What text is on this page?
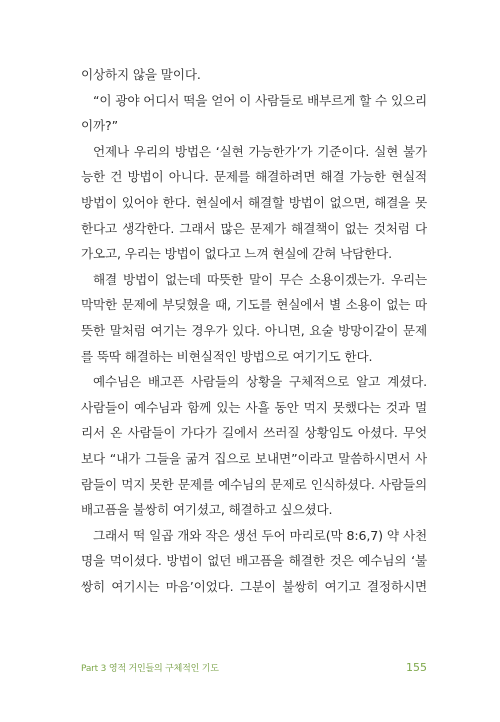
이상하지 않을 말이다.

“이 광야 어디서 떡을 얻어 이 사람들로 배부르게 할 수 있으리

이까?”

언제나 우리의 방법은 ‘실현 가능한가’가 기준이다. 실현 불가

능한 건 방법이 아니다. 문제를 해결하려면 해결 가능한 현실적

방법이 있어야 한다. 현실에서 해결할 방법이 없으면, 해결을 못

한다고 생각한다. 그래서 많은 문제가 해결책이 없는 것처럼 다

가오고, 우리는 방법이 없다고 느껴 현실에 갇혀 낙담한다.

해결 방법이 없는데 따뜻한 말이 무슨 소용이겠는가. 우리는

막막한 문제에 부딪혔을 때, 기도를 현실에서 별 소용이 없는 따

뜻한 말처럼 여기는 경우가 있다. 아니면, 요술 방망이같이 문제

를 뚝딱 해결하는 비현실적인 방법으로 여기기도 한다.

예수님은 배고픈 사람들의 상황을 구체적으로 알고 계셨다.

사람들이 예수님과 함께 있는 사흘 동안 먹지 못했다는 것과 멀

리서 온 사람들이 가다가 길에서 쓰러질 상황임도 아셨다. 무엇

보다 “내가 그들을 굶겨 집으로 보내면”이라고 말씀하시면서 사

람들이 먹지 못한 문제를 예수님의 문제로 인식하셨다. 사람들의

배고픔을 불쌍히 여기셨고, 해결하고 싶으셨다.

그래서 떡 일곱 개와 작은 생선 두어 마리로(막 8:6,7) 약 사천

명을 먹이셨다. 방법이 없던 배고픔을 해결한 것은 예수님의 ‘불

쌍히 여기시는 마음’이었다. 그분이 불쌍히 여기고 결정하시면

Part 3 영적 거인들의 구체적인 기도	155
